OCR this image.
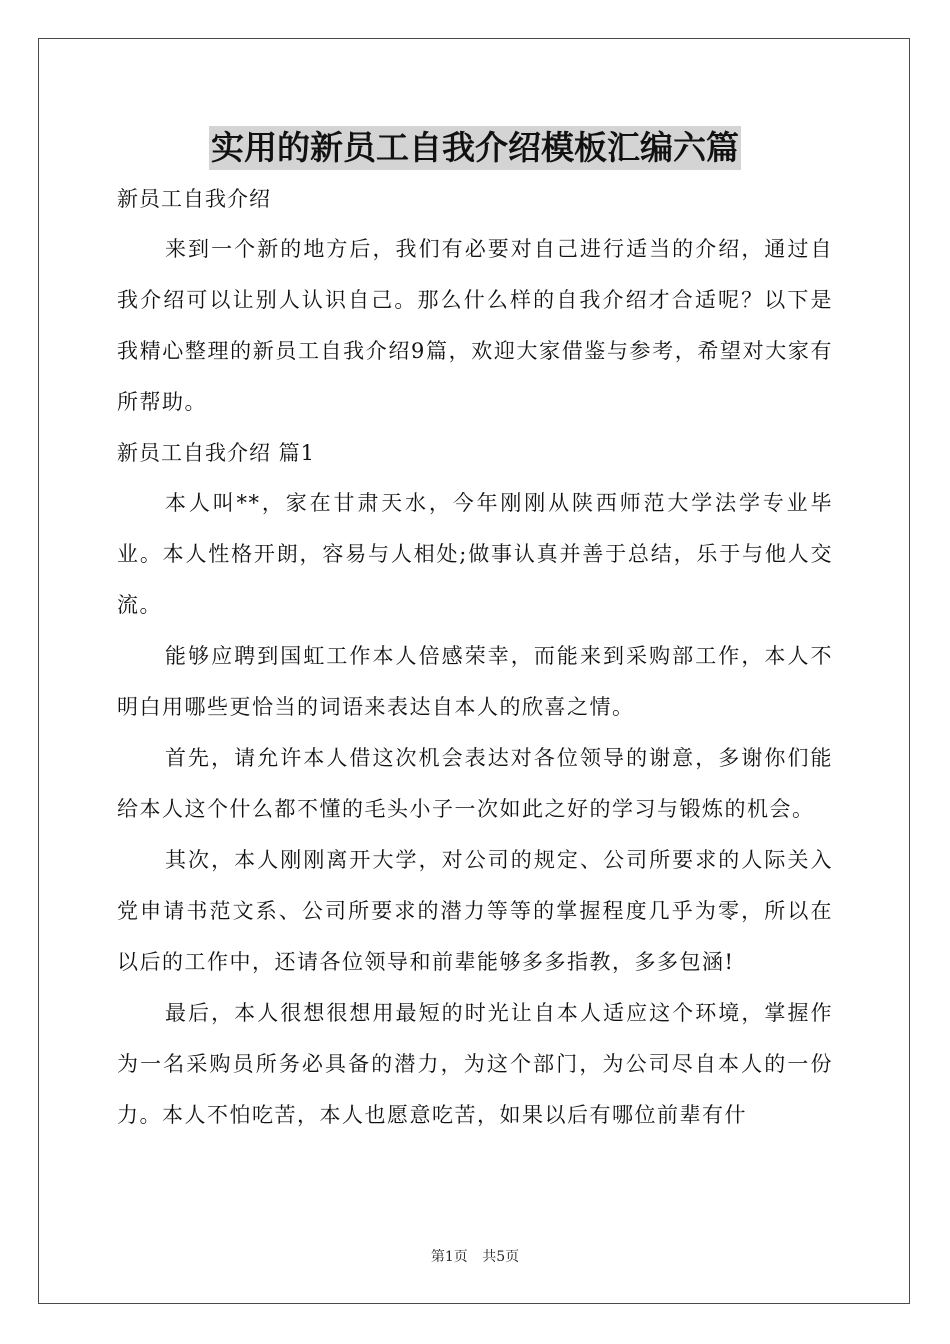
实用的新员工自我介绍模板汇编六篇

新员工自我介绍

来到一个新的地方后，我们有必要对自己进行适当的介绍，通过自我介绍可以让别人认识自己。那么什么样的自我介绍才合适呢？以下是我精心整理的新员工自我介绍9篇，欢迎大家借鉴与参考，希望对大家有所帮助。

新员工自我介绍 篇1

本人叫**，家在甘肃天水，今年刚刚从陕西师范大学法学专业毕业。本人性格开朗，容易与人相处;做事认真并善于总结，乐于与他人交流。

能够应聘到国虹工作本人倍感荣幸，而能来到采购部工作，本人不明白用哪些更恰当的词语来表达自本人的欣喜之情。

首先，请允许本人借这次机会表达对各位领导的谢意，多谢你们能给本人这个什么都不懂的毛头小子一次如此之好的学习与锻炼的机会。

其次，本人刚刚离开大学，对公司的规定、公司所要求的人际关入党申请书范文系、公司所要求的潜力等等的掌握程度几乎为零，所以在以后的工作中，还请各位领导和前辈能够多多指教，多多包涵!

最后，本人很想很想用最短的时光让自本人适应这个环境，掌握作为一名采购员所务必具备的潜力，为这个部门，为公司尽自本人的一份力。本人不怕吃苦，本人也愿意吃苦，如果以后有哪位前辈有什

第1页 共5页
